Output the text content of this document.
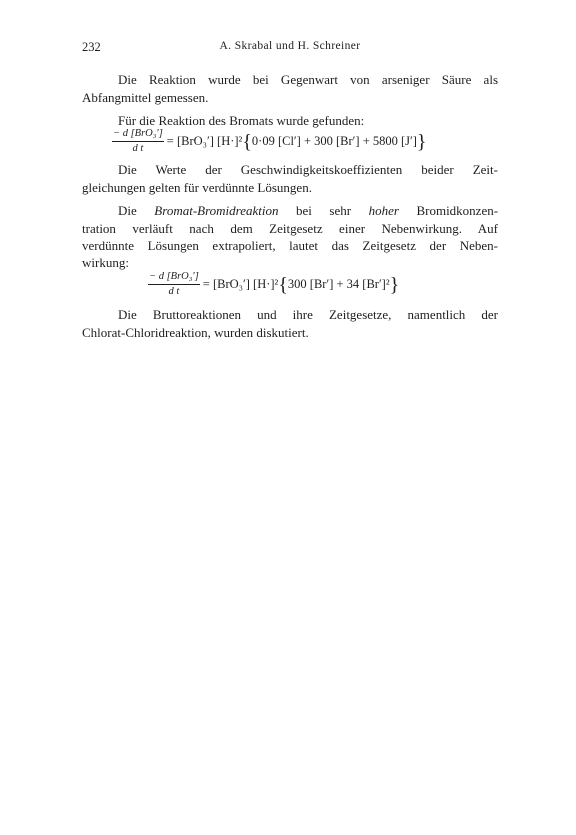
232	A. Skrabal und H. Schreiner
Die Reaktion wurde bei Gegenwart von arseniger Säure als
Abfangmittel gemessen.
Für die Reaktion des Bromats wurde gefunden:
$\frac{\text{− d [BrO₃′]}}{\text{d t}} = [BrO_3']$ [H·]² { 0·09 [Cl′] + 300 [Br′] + 5800 [J′] }
Die Werte der Geschwindigkeitskoeffizienten beider Zeit-
gleichungen gelten für verdünnte Lösungen.
Die Bromat-Bromidreaktion bei sehr hoher Bromidkonzen-
tration verläuft nach dem Zeitgesetz einer Nebenwirkung. Auf
verdünnte Lösungen extrapoliert, lautet das Zeitgesetz der Neben-
wirkung:
$\frac{\text{− d [BrO₃′]}}{\text{d t}} = [BrO_3']$ [H·]² { 300 [Br′] + 34 [Br′]² }
Die Bruttoreaktionen und ihre Zeitgesetze, namentlich der
Chlorat-Chloridreaktion, wurden diskutiert.
